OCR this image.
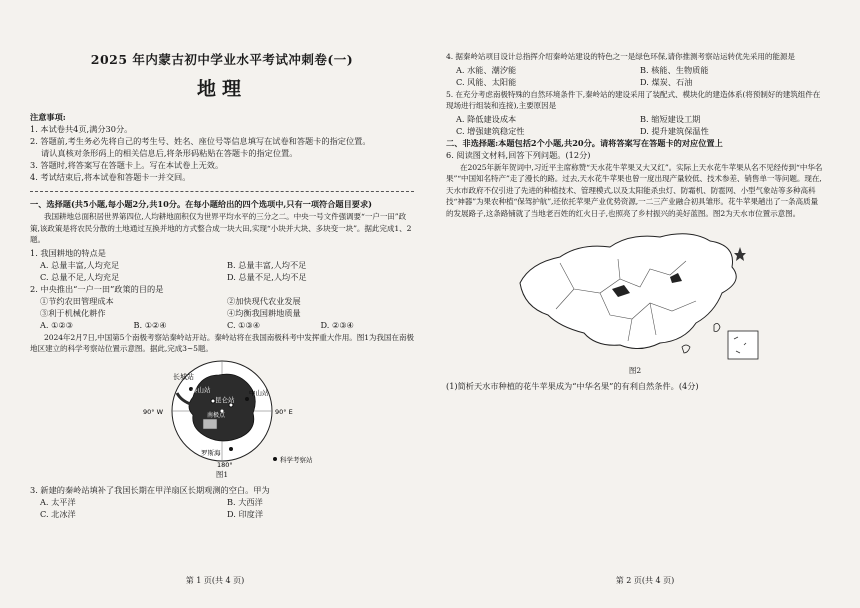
2025 年内蒙古初中学业水平考试冲刺卷(一)
地理
注意事项:
1. 本试卷共4页,满分30分。
2. 答题前,考生务必先将自己的考生号、姓名、座位号等信息填写在试卷和答题卡的指定位置。
请认真核对条形码上的相关信息后,将条形码粘贴在答题卡的指定位置。
3. 答题时,将答案写在答题卡上。写在本试卷上无效。
4. 考试结束后,将本试卷和答题卡一并交回。
一、选择题(共5小题,每小题2分,共10分。在每小题给出的四个选项中,只有一项符合题目要求)

我国耕地总面积居世界第四位,人均耕地面积仅为世界平均水平的三分之二。中央一号文件强调要“一户一田”政策,该政策是将农民分散的土地通过互换并地的方式整合成一块大田,实现“小块并大块、多块变一块”。据此完成1、2题。

1. 我国耕地的特点是
A. 总量丰富,人均充足	B. 总量丰富,人均不足
C. 总量不足,人均充足	D. 总量不足,人均不足
2. 中央推出“一户一田”政策的目的是
①节约农田管理成本	②加快现代农业发展
③利于机械化耕作	④均衡我国耕地质量
A. ①②③	B. ①②④	C. ①③④	D. ②③④

2024年2月7日,中国第5个南极考察站秦岭站开站。秦岭站将在我国南极科考中发挥重大作用。图1为我国在南极地区建立的科学考察站位置示意图。据此,完成3~5题。

长城站
泰山站
昆仑站
中山站
罗斯海
南极点
90° W	90° E
180°
科学考察站
图1
3. 新建的秦岭站填补了我国长期在甲洋扇区长期观测的空白。甲为
A. 太平洋	B. 大西洋
C. 北冰洋	D. 印度洋
第 1 页(共 4 页)

4. 据秦岭站项目设计总指挥介绍秦岭站建设的特色之一是绿色环保,请你推测考察站运转优先采用的能源是

A. 水能、潮汐能	B. 核能、生物质能
C. 风能、太阳能	D. 煤炭、石油

5. 在充分考虑南极特殊的自然环境条件下,秦岭站的建设采用了装配式、模块化的建造体系(将预制好的建筑组件在现场进行组装和连接),主要原因是

A. 降低建设成本	B. 缩短建设工期
C. 增强建筑稳定性	D. 提升建筑保温性
二、非选择题:本题包括2个小题,共20分。请将答案写在答题卡的对应位置上
6. 阅读图文材料,回答下列问题。(12分)

在2025年新年贺词中,习近平主席称赞“天水花牛苹果又大又红”。实际上天水花牛苹果从名不见经传到“中华名果”“中国知名特产”走了漫长的路。过去,天水花牛苹果也曾一度出现产量较低、技术参差、销售单一等问题。现在,天水市政府不仅引进了先进的种植技术、管理模式,以及太阳能杀虫灯、防霜机、防雹网、小型气象站等多种高科技“神器”为果农种植“保驾护航”,还依托苹果产业优势资源,一二三产业融合初具雏形。花牛苹果趟出了一条高质量的发展路子,这条路铺就了当地老百姓的红火日子,也照亮了乡村振兴的美好蓝图。图2为天水市位置示意图。

图2
(1)简析天水市种植的花牛苹果成为“中华名果”的有利自然条件。(4分)
第 2 页(共 4 页)
